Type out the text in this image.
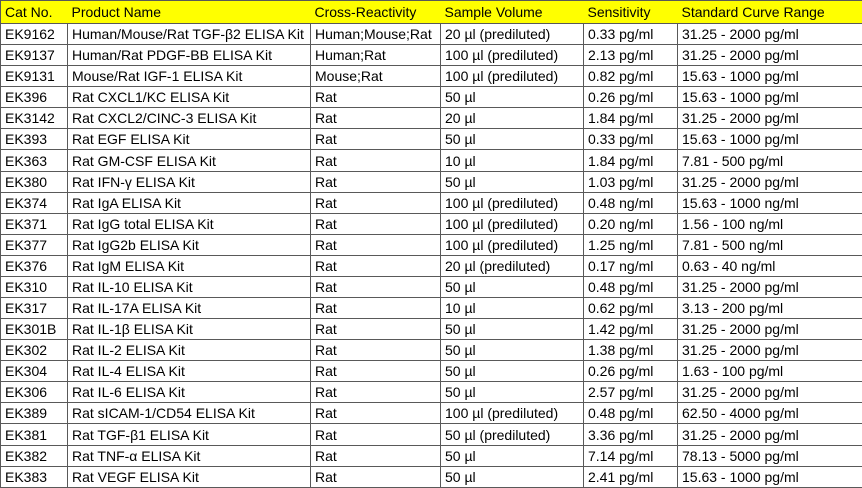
Cat No.	Product Name	Cross-Reactivity	Sample Volume	Sensitivity	Standard Curve Range
EK9162	Human/Mouse/Rat TGF-β2 ELISA Kit	Human;Mouse;Rat	20 µl (prediluted)	0.33 pg/ml	31.25 - 2000 pg/ml
EK9137	Human/Rat PDGF-BB ELISA Kit	Human;Rat	100 µl (prediluted)	2.13 pg/ml	31.25 - 2000 pg/ml
EK9131	Mouse/Rat IGF-1 ELISA Kit	Mouse;Rat	100 µl (prediluted)	0.82 pg/ml	15.63 - 1000 pg/ml
EK396	Rat CXCL1/KC ELISA Kit	Rat	50 µl	0.26 pg/ml	15.63 - 1000 pg/ml
EK3142	Rat CXCL2/CINC-3 ELISA Kit	Rat	20 µl	1.84 pg/ml	31.25 - 2000 pg/ml
EK393	Rat EGF ELISA Kit	Rat	50 µl	0.33 pg/ml	15.63 - 1000 pg/ml
EK363	Rat GM-CSF ELISA Kit	Rat	10 µl	1.84 pg/ml	7.81 - 500 pg/ml
EK380	Rat IFN-γ ELISA Kit	Rat	50 µl	1.03 pg/ml	31.25 - 2000 pg/ml
EK374	Rat IgA ELISA Kit	Rat	100 µl (prediluted)	0.48 ng/ml	15.63 - 1000 ng/ml
EK371	Rat IgG total ELISA Kit	Rat	100 µl (prediluted)	0.20 ng/ml	1.56 - 100 ng/ml
EK377	Rat IgG2b ELISA Kit	Rat	100 µl (prediluted)	1.25 ng/ml	7.81 - 500 ng/ml
EK376	Rat IgM ELISA Kit	Rat	20 µl (prediluted)	0.17 ng/ml	0.63 - 40 ng/ml
EK310	Rat IL-10 ELISA Kit	Rat	50 µl	0.48 pg/ml	31.25 - 2000 pg/ml
EK317	Rat IL-17A ELISA Kit	Rat	10 µl	0.62 pg/ml	3.13 - 200 pg/ml
EK301B	Rat IL-1β ELISA Kit	Rat	50 µl	1.42 pg/ml	31.25 - 2000 pg/ml
EK302	Rat IL-2 ELISA Kit	Rat	50 µl	1.38 pg/ml	31.25 - 2000 pg/ml
EK304	Rat IL-4 ELISA Kit	Rat	50 µl	0.26 pg/ml	1.63 - 100 pg/ml
EK306	Rat IL-6 ELISA Kit	Rat	50 µl	2.57 pg/ml	31.25 - 2000 pg/ml
EK389	Rat sICAM-1/CD54 ELISA Kit	Rat	100 µl (prediluted)	0.48 pg/ml	62.50 - 4000 pg/ml
EK381	Rat TGF-β1 ELISA Kit	Rat	50 µl (prediluted)	3.36 pg/ml	31.25 - 2000 pg/ml
EK382	Rat TNF-α ELISA Kit	Rat	50 µl	7.14 pg/ml	78.13 - 5000 pg/ml
EK383	Rat VEGF ELISA Kit	Rat	50 µl	2.41 pg/ml	15.63 - 1000 pg/ml
